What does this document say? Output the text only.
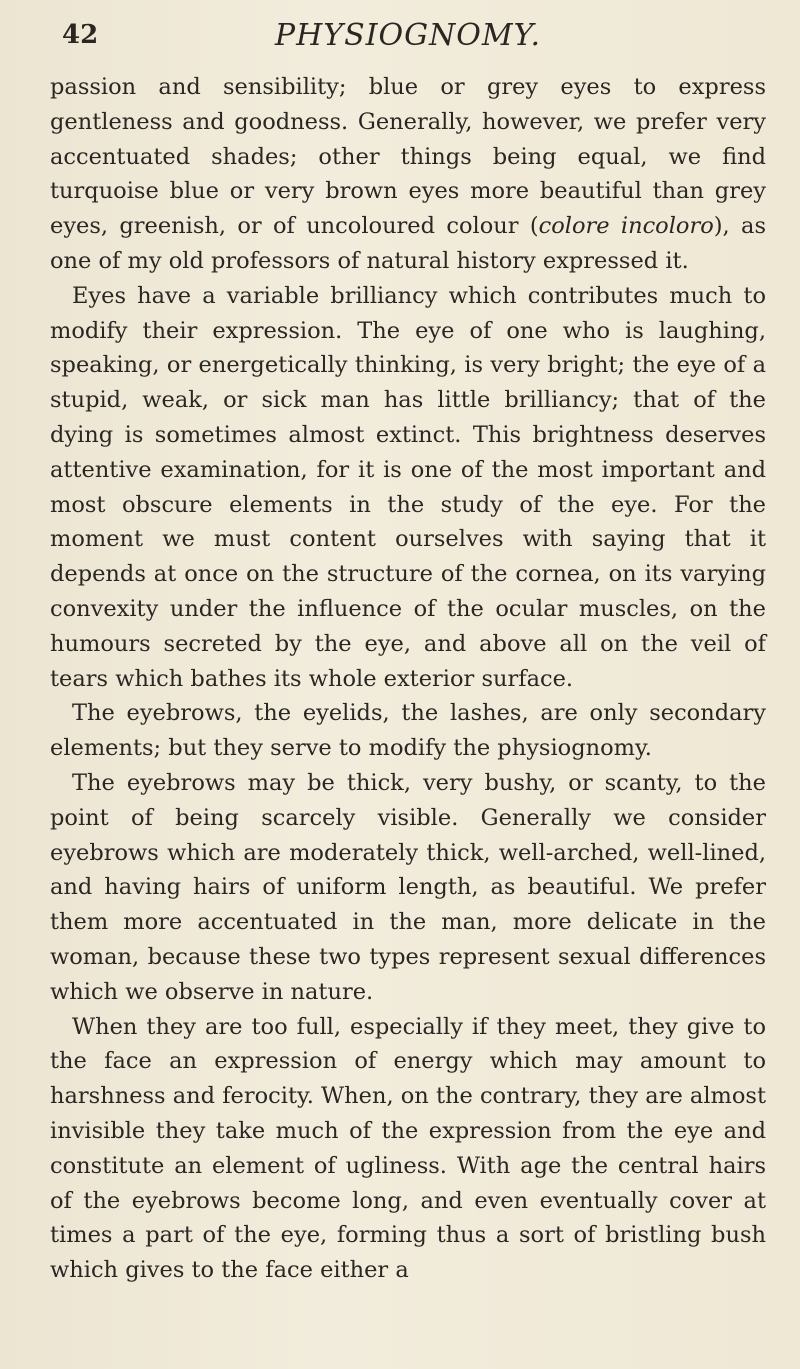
42	PHYSIOGNOMY.

passion and sensibility; blue or grey eyes to express gentleness and goodness. Generally, however, we prefer very accentuated shades; other things being equal, we find turquoise blue or very brown eyes more beautiful than grey eyes, greenish, or of uncoloured colour (colore incoloro), as one of my old professors of natural history expressed it.

Eyes have a variable brilliancy which contributes much to modify their expression. The eye of one who is laughing, speaking, or energetically thinking, is very bright; the eye of a stupid, weak, or sick man has little brilliancy; that of the dying is sometimes almost extinct. This brightness deserves attentive examination, for it is one of the most important and most obscure elements in the study of the eye. For the moment we must content ourselves with saying that it depends at once on the structure of the cornea, on its varying convexity under the influence of the ocular muscles, on the humours secreted by the eye, and above all on the veil of tears which bathes its whole exterior surface.

The eyebrows, the eyelids, the lashes, are only secondary elements; but they serve to modify the physiognomy.

The eyebrows may be thick, very bushy, or scanty, to the point of being scarcely visible. Generally we consider eyebrows which are moderately thick, well-arched, well-lined, and having hairs of uniform length, as beautiful. We prefer them more accentuated in the man, more delicate in the woman, because these two types represent sexual differences which we observe in nature.

When they are too full, especially if they meet, they give to the face an expression of energy which may amount to harshness and ferocity. When, on the contrary, they are almost invisible they take much of the expression from the eye and constitute an element of ugliness. With age the central hairs of the eyebrows become long, and even eventually cover at times a part of the eye, forming thus a sort of bristling bush which gives to the face either a
